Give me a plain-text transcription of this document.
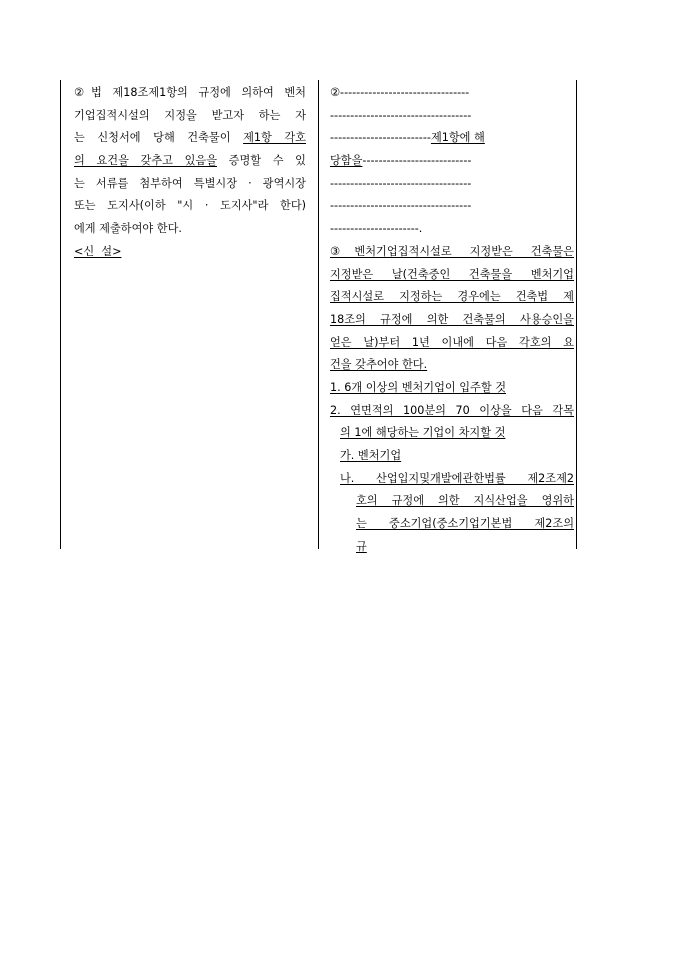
②법 제18조제1항의 규정에 의하여 벤처
기업집적시설의 지정을 받고자 하는 자
는 신청서에 당해 건축물이 제1항 각호
의 요건을 갖추고 있음을 증명할 수 있
는 서류를 첨부하여 특별시장 · 광역시장
또는 도지사(이하 "시 · 도지사"라 한다)
에게 제출하여야 한다.
<신  설>
②--------------------------------
-----------------------------------
-------------------------제1항에 해
당함을---------------------------
-----------------------------------
-----------------------------------
----------------------.
③벤처기업집적시설로 지정받은 건축물은
지정받은 날(건축중인 건축물을 벤처기업
집적시설로 지정하는 경우에는 건축법 제
18조의 규정에 의한 건축물의 사용승인을
얻은 날)부터 1년 이내에 다음 각호의 요
건을 갖추어야 한다.
1. 6개 이상의 벤처기업이 입주할 것
2. 연면적의 100분의 70 이상을 다음 각목
의 1에 해당하는 기업이 차지할 것
가. 벤처기업
나. 산업입지및개발에관한법률 제2조제2
호의 규정에 의한 지식산업을 영위하
는 중소기업(중소기업기본법 제2조의
규
